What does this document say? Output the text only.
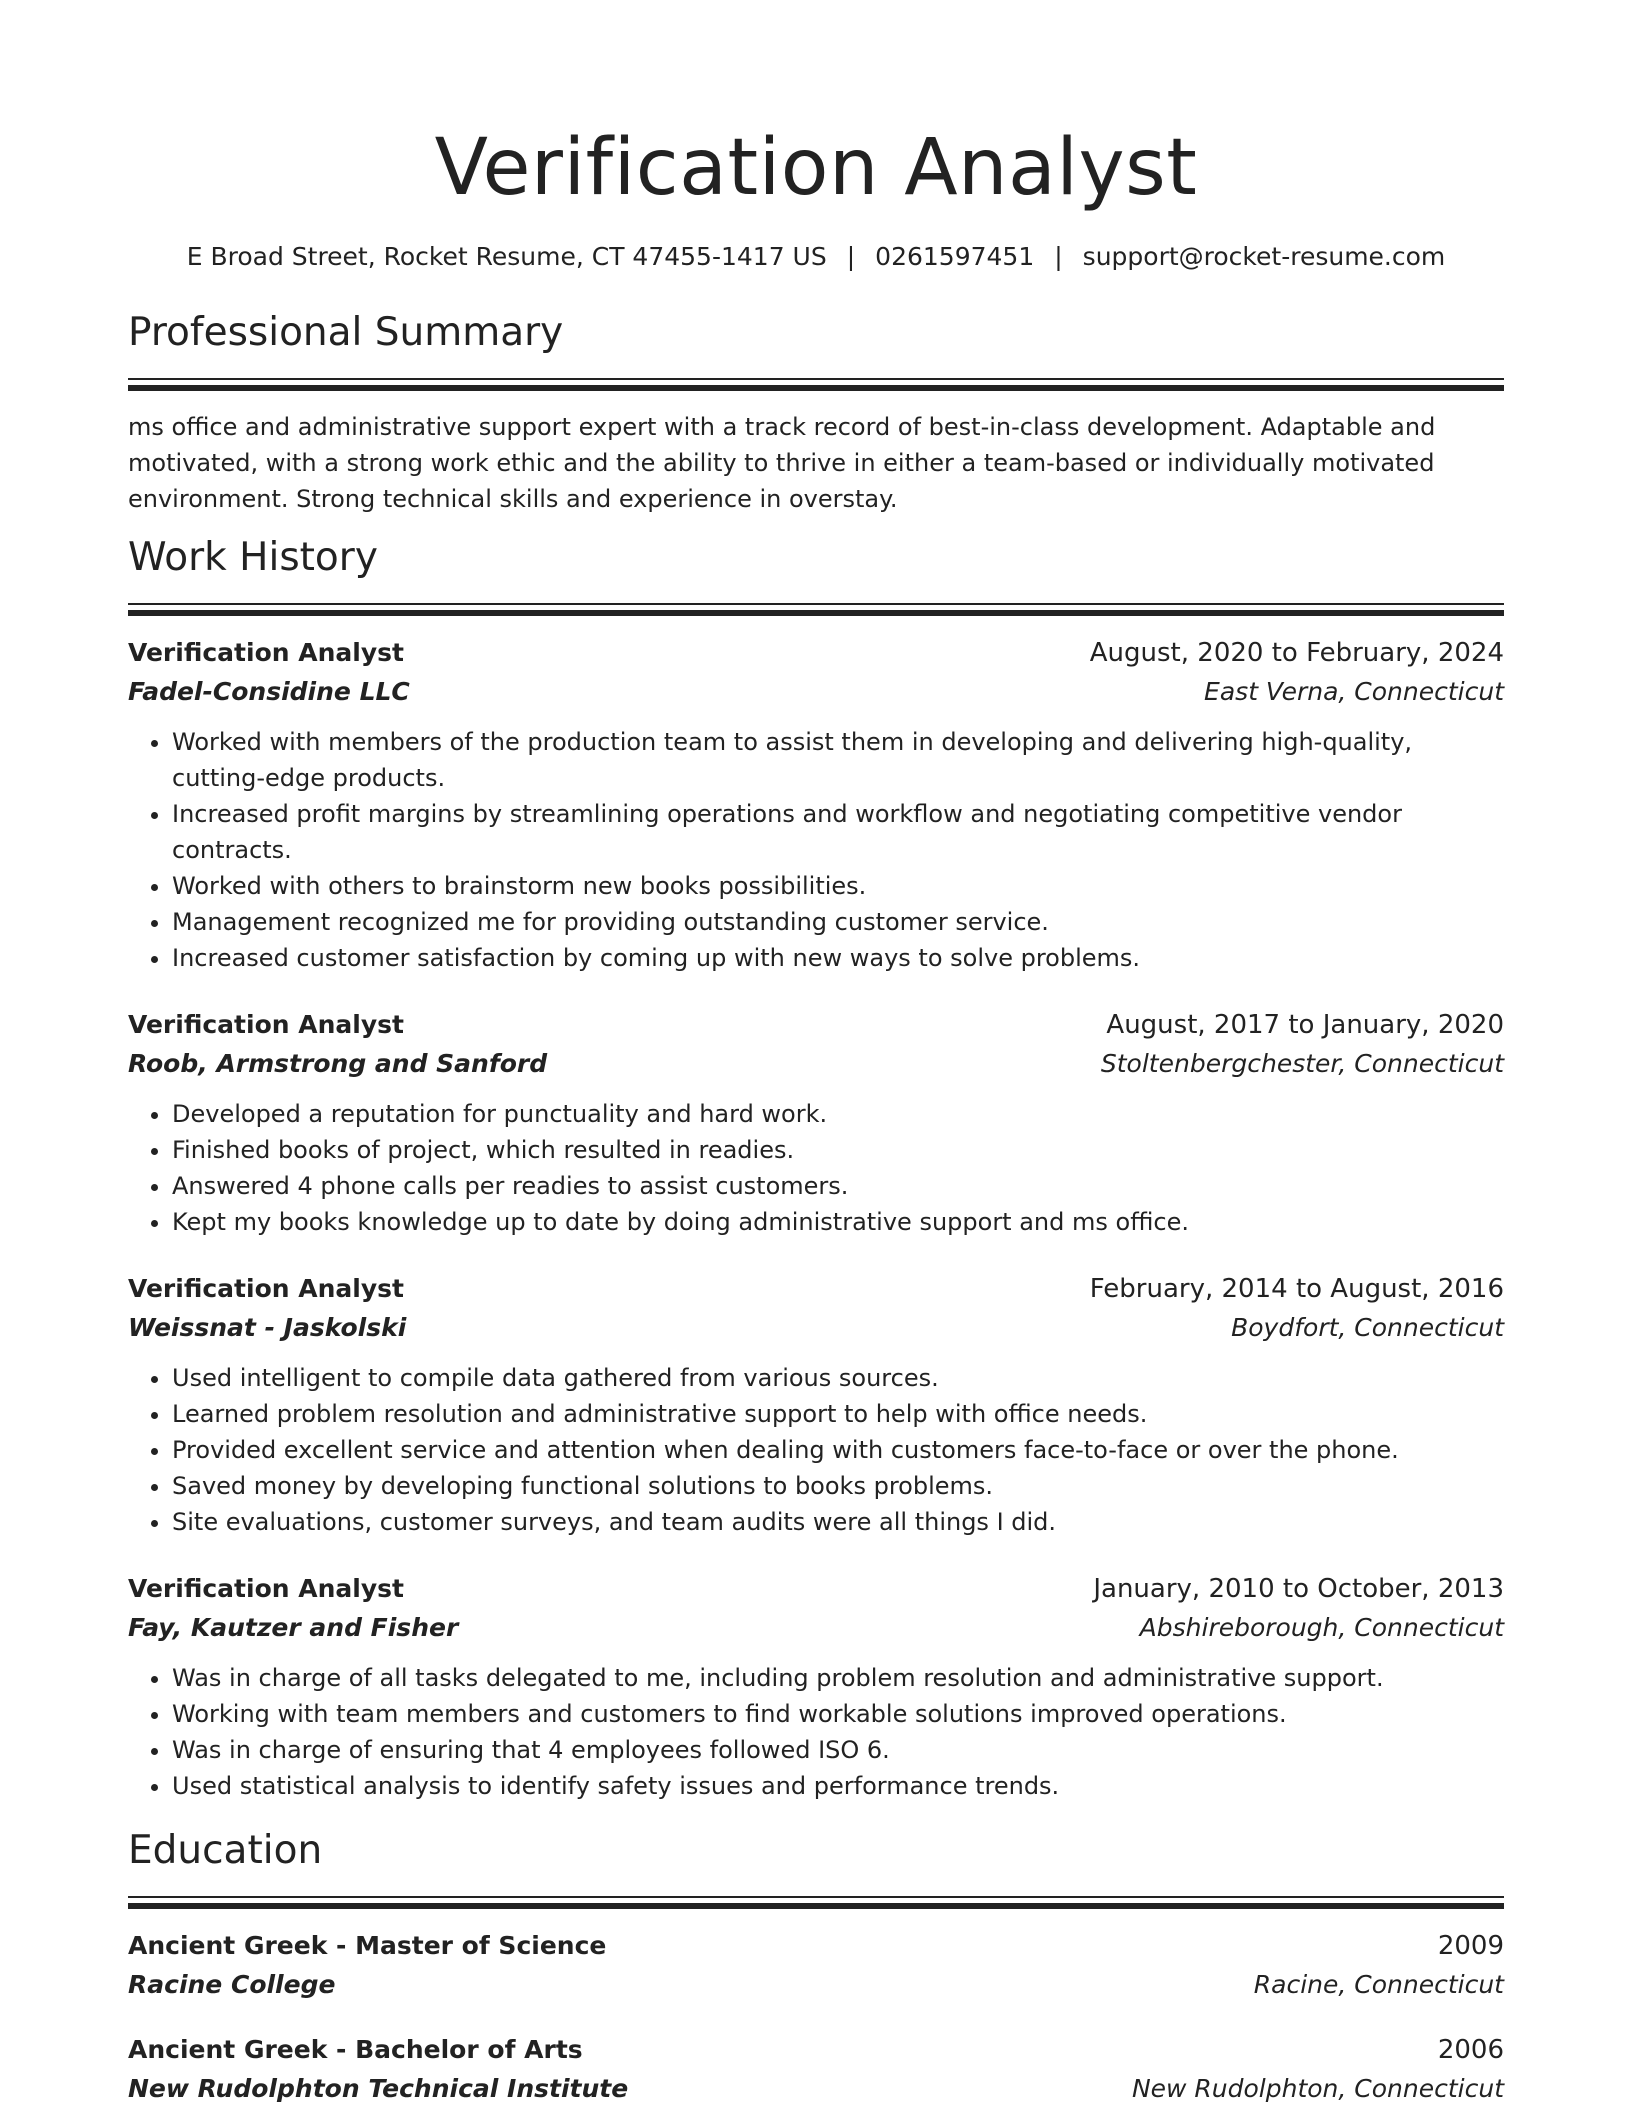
Verification Analyst
E Broad Street, Rocket Resume, CT 47455-1417 US | 0261597451 | support@rocket-resume.com
Professional Summary
ms office and administrative support expert with a track record of best-in-class development. Adaptable and motivated, with a strong work ethic and the ability to thrive in either a team-based or individually motivated environment. Strong technical skills and experience in overstay.
Work History
Verification Analyst	August, 2020 to February, 2024
Fadel-Considine LLC	East Verna, Connecticut
• Worked with members of the production team to assist them in developing and delivering high-quality, cutting-edge products.
• Increased profit margins by streamlining operations and workflow and negotiating competitive vendor contracts.
• Worked with others to brainstorm new books possibilities.
• Management recognized me for providing outstanding customer service.
• Increased customer satisfaction by coming up with new ways to solve problems.
Verification Analyst	August, 2017 to January, 2020
Roob, Armstrong and Sanford	Stoltenbergchester, Connecticut
• Developed a reputation for punctuality and hard work.
• Finished books of project, which resulted in readies.
• Answered 4 phone calls per readies to assist customers.
• Kept my books knowledge up to date by doing administrative support and ms office.
Verification Analyst	February, 2014 to August, 2016
Weissnat - Jaskolski	Boydfort, Connecticut
• Used intelligent to compile data gathered from various sources.
• Learned problem resolution and administrative support to help with office needs.
• Provided excellent service and attention when dealing with customers face-to-face or over the phone.
• Saved money by developing functional solutions to books problems.
• Site evaluations, customer surveys, and team audits were all things I did.
Verification Analyst	January, 2010 to October, 2013
Fay, Kautzer and Fisher	Abshireborough, Connecticut
• Was in charge of all tasks delegated to me, including problem resolution and administrative support.
• Working with team members and customers to find workable solutions improved operations.
• Was in charge of ensuring that 4 employees followed ISO 6.
• Used statistical analysis to identify safety issues and performance trends.
Education
Ancient Greek - Master of Science	2009
Racine College	Racine, Connecticut
Ancient Greek - Bachelor of Arts	2006
New Rudolphton Technical Institute	New Rudolphton, Connecticut
